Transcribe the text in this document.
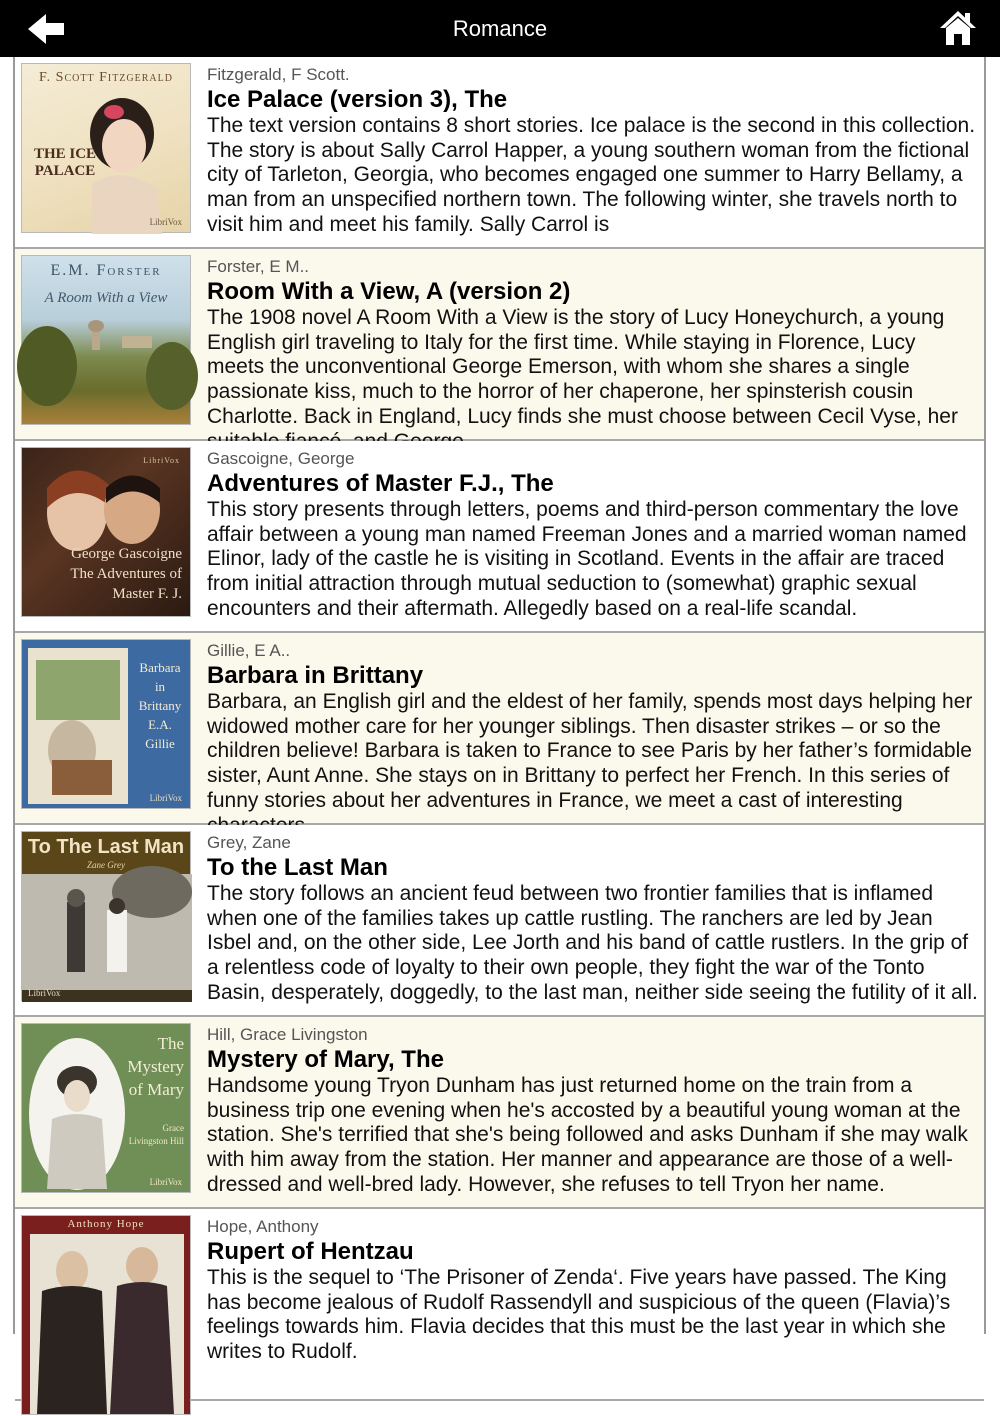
Romance
F. Scott Fitzgerald
THE ICE PALACE
LibriVox
Fitzgerald, F Scott.
Ice Palace (version 3), The

The text version contains 8 short stories. Ice palace is the second in this collection.
The story is about Sally Carrol Happer, a young southern woman from the fictional city of Tarleton, Georgia, who becomes engaged one summer to Harry Bellamy, a man from an unspecified northern town. The following winter, she travels north to visit him and meet his family. Sally Carrol is

E.M. Forster
A Room With a View
Forster, E M..
Room With a View, A (version 2)

The 1908 novel A Room With a View is the story of Lucy Honeychurch, a young English girl traveling to Italy for the first time. While staying in Florence, Lucy meets the unconventional George Emerson, with whom she shares a single passionate kiss, much to the horror of her chaperone, her spinsterish cousin Charlotte. Back in England, Lucy finds she must choose between Cecil Vyse, her

LibriVox
George Gascoigne The Adventures of Master F. J.
Gascoigne, George
Adventures of Master F.J., The

This story presents through letters, poems and third-person commentary the love affair between a young man named Freeman Jones and a married woman named Elinor, lady of the castle he is visiting in Scotland. Events in the affair are traced from initial attraction through mutual seduction to (somewhat) graphic sexual encounters and their aftermath. Allegedly based on a real-life scandal.

Barbara in Brittany E.A. Gillie
LibriVox
Gillie, E A..
Barbara in Brittany

Barbara, an English girl and the eldest of her family, spends most days helping her widowed mother care for her younger siblings. Then disaster strikes – or so the children believe! Barbara is taken to France to see Paris by her father’s formidable sister, Aunt Anne. She stays on in Brittany to perfect her French. In this series of funny stories about her adventures in France, we meet a cast of interesting

To The Last Man
Zane Grey
LibriVox
Grey, Zane
To the Last Man

The story follows an ancient feud between two frontier families that is inflamed when one of the families takes up cattle rustling. The ranchers are led by Jean Isbel and, on the other side, Lee Jorth and his band of cattle rustlers. In the grip of a relentless code of loyalty to their own people, they fight the war of the Tonto Basin, desperately, doggedly, to the last man, neither side seeing the futility of it all.

The Mystery of Mary
Grace Livingston Hill
LibriVox
Hill, Grace Livingston
Mystery of Mary, The

Handsome young Tryon Dunham has just returned home on the train from a business trip one evening when he's accosted by a beautiful young woman at the station. She's terrified that she's being followed and asks Dunham if she may walk with him away from the station. Her manner and appearance are those of a well-dressed and well-bred lady. However, she refuses to tell Tryon her name.

Anthony Hope	Hope, Anthony
Rupert of Hentzau

This is the sequel to ‘The Prisoner of Zenda‘. Five years have passed. The King has become jealous of Rudolf Rassendyll and suspicious of the queen (Flavia)’s feelings towards him. Flavia decides that this must be the last year in which she writes to Rudolf.
